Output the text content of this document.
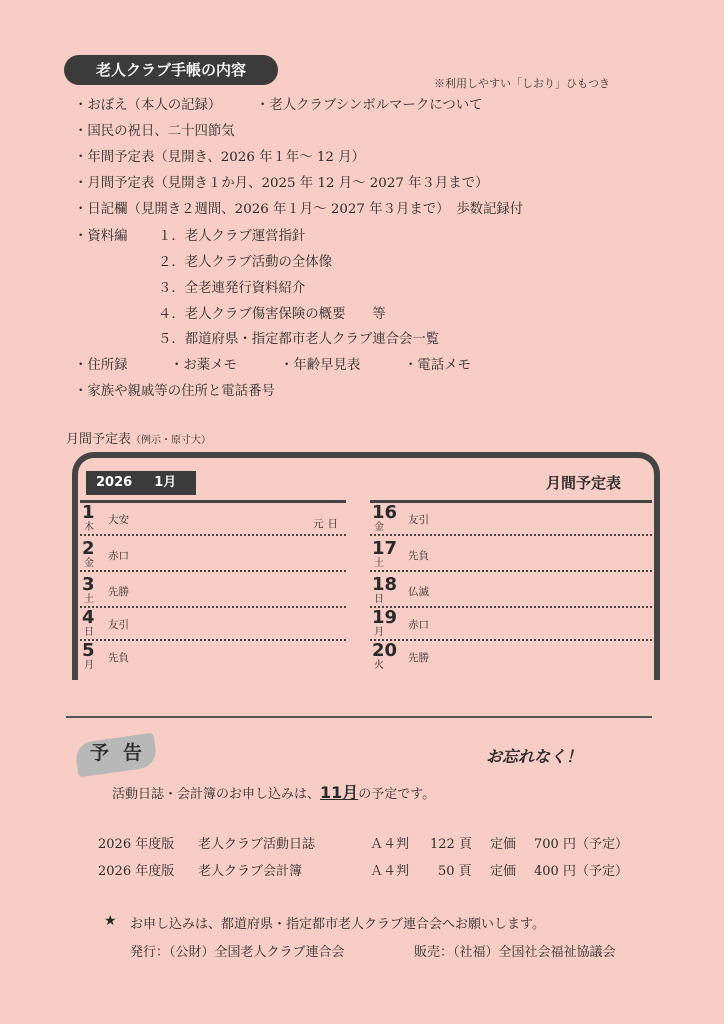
老人クラブ手帳の内容
※利用しやすい「しおり」ひもつき
・おぼえ（本人の記録）	・老人クラブシンボルマークについて
・国民の祝日、二十四節気
・年間予定表（見開き、2026 年１年～ 12 月）
・月間予定表（見開き１か月、2025 年 12 月～ 2027 年３月まで）
・日記欄（見開き２週間、2026 年１月～ 2027 年３月まで）　歩数記録付
・資料編 １．老人クラブ運営指針
２．老人クラブ活動の全体像
３．全老連発行資料紹介
４．老人クラブ傷害保険の概要　　等
５．都道府県・指定都市老人クラブ連合会一覧
・住所録	・お薬メモ	・年齢早見表	・電話メモ
・家族や親戚等の住所と電話番号
月間予定表（例示・原寸大）
2026 1月	月間予定表
1
木
大安	元日
2
金
赤口
3
土
先勝
4
日
友引
5
月
先負
16
金
友引
17
土
先負
18
日
仏滅
19
月
赤口
20
火
先勝
予告	お忘れなく！
活動日誌・会計簿のお申し込みは、11月の予定です。
2026 年度版 老人クラブ活動日誌	Ａ４判 122 頁 定価 700 円（予定）
2026 年度版 老人クラブ会計簿	Ａ４判 50 頁 定価 400 円（予定）
★ お申し込みは、都道府県・指定都市老人クラブ連合会へお願いします。
発行：（公財）全国老人クラブ連合会	販売：（社福）全国社会福祉協議会
